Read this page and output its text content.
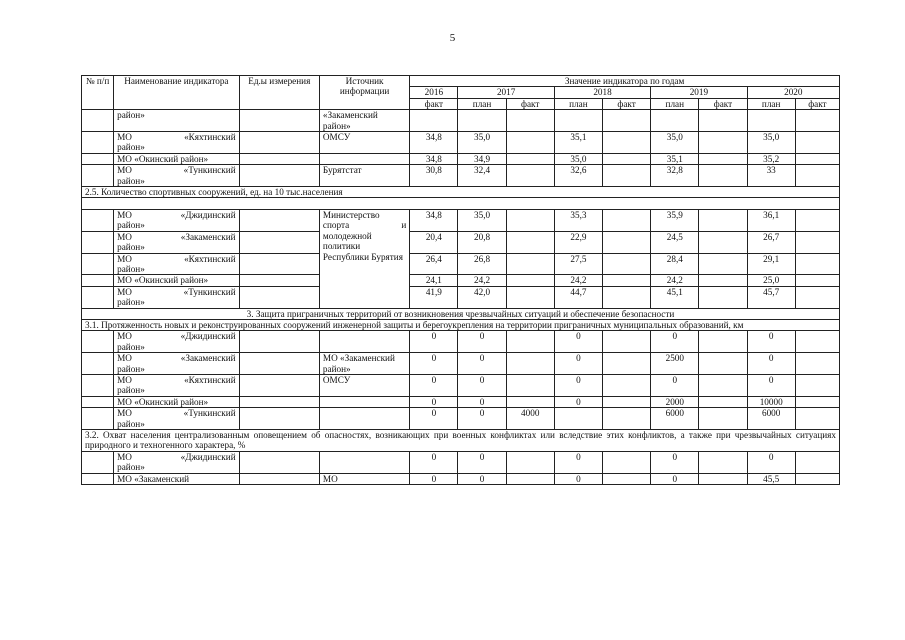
5
№ п/п	Наименование индикатора	Ед.ы измерения	Источник информации	Значение индикатора по годам								
				2016	2017		2018		2019		2020	
				факт	план	факт	план	факт	план	факт	план	факт

	район»		«Закаменский район»									

	МО «Кяхтинский
район»		ОМСУ	34,8	35,0		35,1		35,0		35,0	

	МО «Окинский район»			34,8	34,9		35,0		35,1		35,2	

	МО «Тункинский
район»		Бурятстат	30,8	32,4		32,6		32,8		33	
2.5. Количество спортивных сооружений, ед. на 10 тыс.населения												

	МО «Джидинский
район»		Министерство спорта и молодежной политики Республики Бурятия	34,8	35,0		35,3		35,9		36,1	

	МО «Закаменский
район»			20,4	20,8		22,9		24,5		26,7	

	МО «Кяхтинский
район»			26,4	26,8		27,5		28,4		29,1	

	МО «Окинский район»			24,1	24,2		24,2		24,2		25,0	

	МО «Тункинский
район»			41,9	42,0		44,7		45,1		45,7	
3. Защита приграничных территорий от возникновения чрезвычайных ситуаций и обеспечение безопасности												
3.1. Протяженность новых и реконструированных сооружений инженерной защиты и берегоукрепления на территории приграничных муниципальных образований, км												

	МО «Джидинский
район»			0	0		0		0		0	

	МО «Закаменский
район»		МО «Закаменский район»	0	0		0		2500		0	

	МО «Кяхтинский
район»		ОМСУ	0	0		0		0		0	

	МО «Окинский район»			0	0		0		2000		10000	

	МО «Тункинский
район»			0	0	4000			6000		6000	
3.2. Охват населения централизованным оповещением об опасностях, возникающих при военных конфликтах или вследствие этих конфликтов, а также при чрезвычайных ситуациях природного и техногенного характера, %												

	МО «Джидинский
район»			0	0		0		0		0	

	МО «Закаменский		МО	0	0		0		0		45,5	
